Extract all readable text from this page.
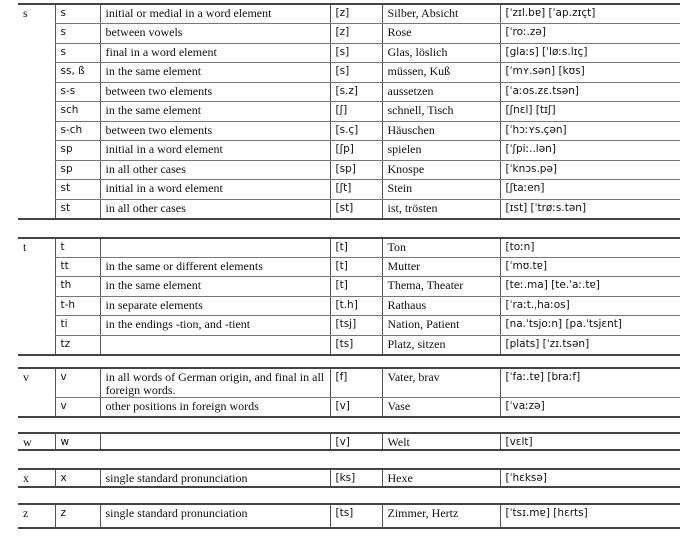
s	s	initial or medial in a word element	[z]	Silber, Absicht	[ˈzɪl.bɐ] [ˈap.zɪçt]
	s	between vowels	[z]	Rose	[ˈroː.zə]
	s	final in a word element	[s]	Glas, löslich	[glaːs] [ˈløːs.lɪç]
	ss, ß	in the same element	[s]	müssen, Kuß	[ˈmʏ.sən] [kʊs]
	s-s	between two elements	[s.z]	aussetzen	[ˈaːos.zɛ.tsən]
	sch	in the same element	[ʃ]	schnell, Tisch	[ʃnɛl] [tɪʃ]
	s-ch	between two elements	[s.ç]	Häuschen	[ˈhɔːʏs.çən]
	sp	initial in a word element	[ʃp]	spielen	[ˈʃpiː..lən]
	sp	in all other cases	[sp]	Knospe	[ˈknɔs.pə]
	st	initial in a word element	[ʃt]	Stein	[ʃtaːen]
	st	in all other cases	[st]	ist, trösten	[ɪst] [ˈtrøːs.tən]
t	t		[t]	Ton	[toːn]
	tt	in the same or different elements	[t]	Mutter	[ˈmʊ.tɐ]
	th	in the same element	[t]	Thema, Theater	[teː.ma] [te.ˈaː.tɐ]
	t-h	in separate elements	[t.h]	Rathaus	[ˈraːt.ˌhaːos]
	ti	in the endings -tion, and -tient	[tsj]	Nation, Patient	[na.ˈtsjoːn] [pa.ˈtsjɛnt]
	tz		[ts]	Platz, sitzen	[plats] [ˈzɪ.tsən]
v	v	in all words of German origin, and final in all foreign words.	[f]	Vater, brav	[ˈfaː.tɐ] [braːf]
	v	other positions in foreign words	[v]	Vase	[ˈvaːzə]
w	w		[v]	Welt	[vɛlt]
x	x	single standard pronunciation	[ks]	Hexe	[ˈhɛksə]
z	z	single standard pronunciation	[ts]	Zimmer, Hertz	[ˈtsɪ.mɐ] [hɛrts]
